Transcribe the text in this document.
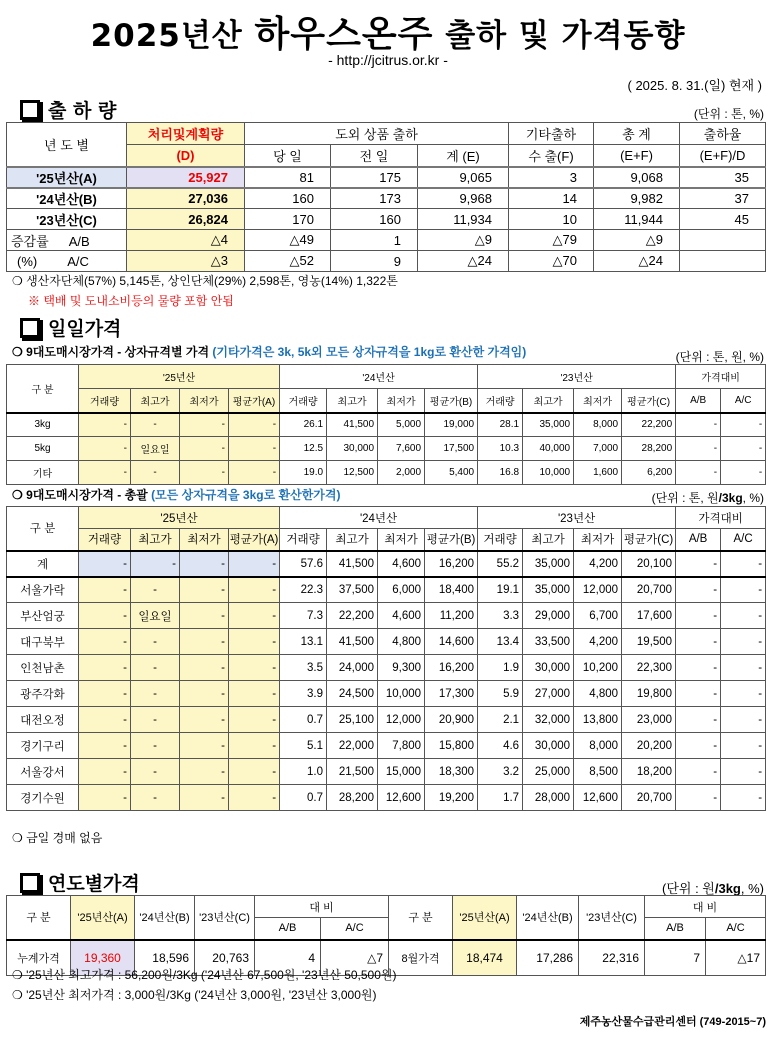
2025년산 하우스온주 출하 및 가격동향
- http://jcitrus.or.kr -
( 2025. 8. 31.(일) 현재 )
출 하 량	(단위 : 톤, %)
년 도 별	처리및계획량	도외 상품 출하			기타출하	총 계	출하율
	(D)	당 일	전 일	계 (E)	수 출(F)	(E+F)	(E+F)/D
'25년산(A)	25,927	81	175	9,065	3	9,068	35
'24년산(B)	27,036	160	173	9,968	14	9,982	37
'23년산(C)	26,824	170	160	11,934	10	11,944	45
증감률 A/B	△4	△49	1	△9	△79	△9	
(%) A/C	△3	△52	9	△24	△70	△24	
❍ 생산자단체(57%) 5,145톤, 상인단체(29%) 2,598톤, 영농(14%) 1,322톤
※ 택배 및 도내소비등의 물량 포함 안됨
일일가격
❍ 9대도매시장가격 - 상자규격별 가격 (기타가격은 3k, 5k외 모든 상자규격을 1kg로 환산한 가격임)	(단위 : 톤, 원, %)
구 분	'25년산				'24년산				'23년산				가격대비	
	거래량	최고가	최저가	평균가(A)	거래량	최고가	최저가	평균가(B)	거래량	최고가	최저가	평균가(C)	A/B	A/C
3kg	-	-	-	-	26.1	41,500	5,000	19,000	28.1	35,000	8,000	22,200	-	-
5kg	-	일요일	-	-	12.5	30,000	7,600	17,500	10.3	40,000	7,000	28,200	-	-
기타	-	-	-	-	19.0	12,500	2,000	5,400	16.8	10,000	1,600	6,200	-	-
❍ 9대도매시장가격 - 총괄 (모든 상자규격을 3kg로 환산한가격)	(단위 : 톤, 원/3kg, %)
구 분	'25년산				'24년산				'23년산				가격대비	
	거래량	최고가	최저가	평균가(A)	거래량	최고가	최저가	평균가(B)	거래량	최고가	최저가	평균가(C)	A/B	A/C
계	-	-	-	-	57.6	41,500	4,600	16,200	55.2	35,000	4,200	20,100	-	-
서울가락	-	-	-	-	22.3	37,500	6,000	18,400	19.1	35,000	12,000	20,700	-	-
부산엄궁	-	일요일	-	-	7.3	22,200	4,600	11,200	3.3	29,000	6,700	17,600	-	-
대구북부	-	-	-	-	13.1	41,500	4,800	14,600	13.4	33,500	4,200	19,500	-	-
인천남촌	-	-	-	-	3.5	24,000	9,300	16,200	1.9	30,000	10,200	22,300	-	-
광주각화	-	-	-	-	3.9	24,500	10,000	17,300	5.9	27,000	4,800	19,800	-	-
대전오정	-	-	-	-	0.7	25,100	12,000	20,900	2.1	32,000	13,800	23,000	-	-
경기구리	-	-	-	-	5.1	22,000	7,800	15,800	4.6	30,000	8,000	20,200	-	-
서울강서	-	-	-	-	1.0	21,500	15,000	18,300	3.2	25,000	8,500	18,200	-	-
경기수원	-	-	-	-	0.7	28,200	12,600	19,200	1.7	28,000	12,600	20,700	-	-
❍ 금일 경매 없음
연도별가격	(단위 : 원/3kg, %)
구 분	'25년산(A)	'24년산(B)	'23년산(C)	대 비		구 분	'25년산(A)	'24년산(B)	'23년산(C)	대 비	
				A/B	A/C					A/B	A/C
누계가격	19,360	18,596	20,763	4	△7	8월가격	18,474	17,286	22,316	7	△17
❍ '25년산 최고가격 : 56,200원/3Kg ('24년산 67,500원, '23년산 50,500원)
❍ '25년산 최저가격 : 3,000원/3Kg ('24년산 3,000원, '23년산 3,000원)
제주농산물수급관리센터 (749-2015~7)
